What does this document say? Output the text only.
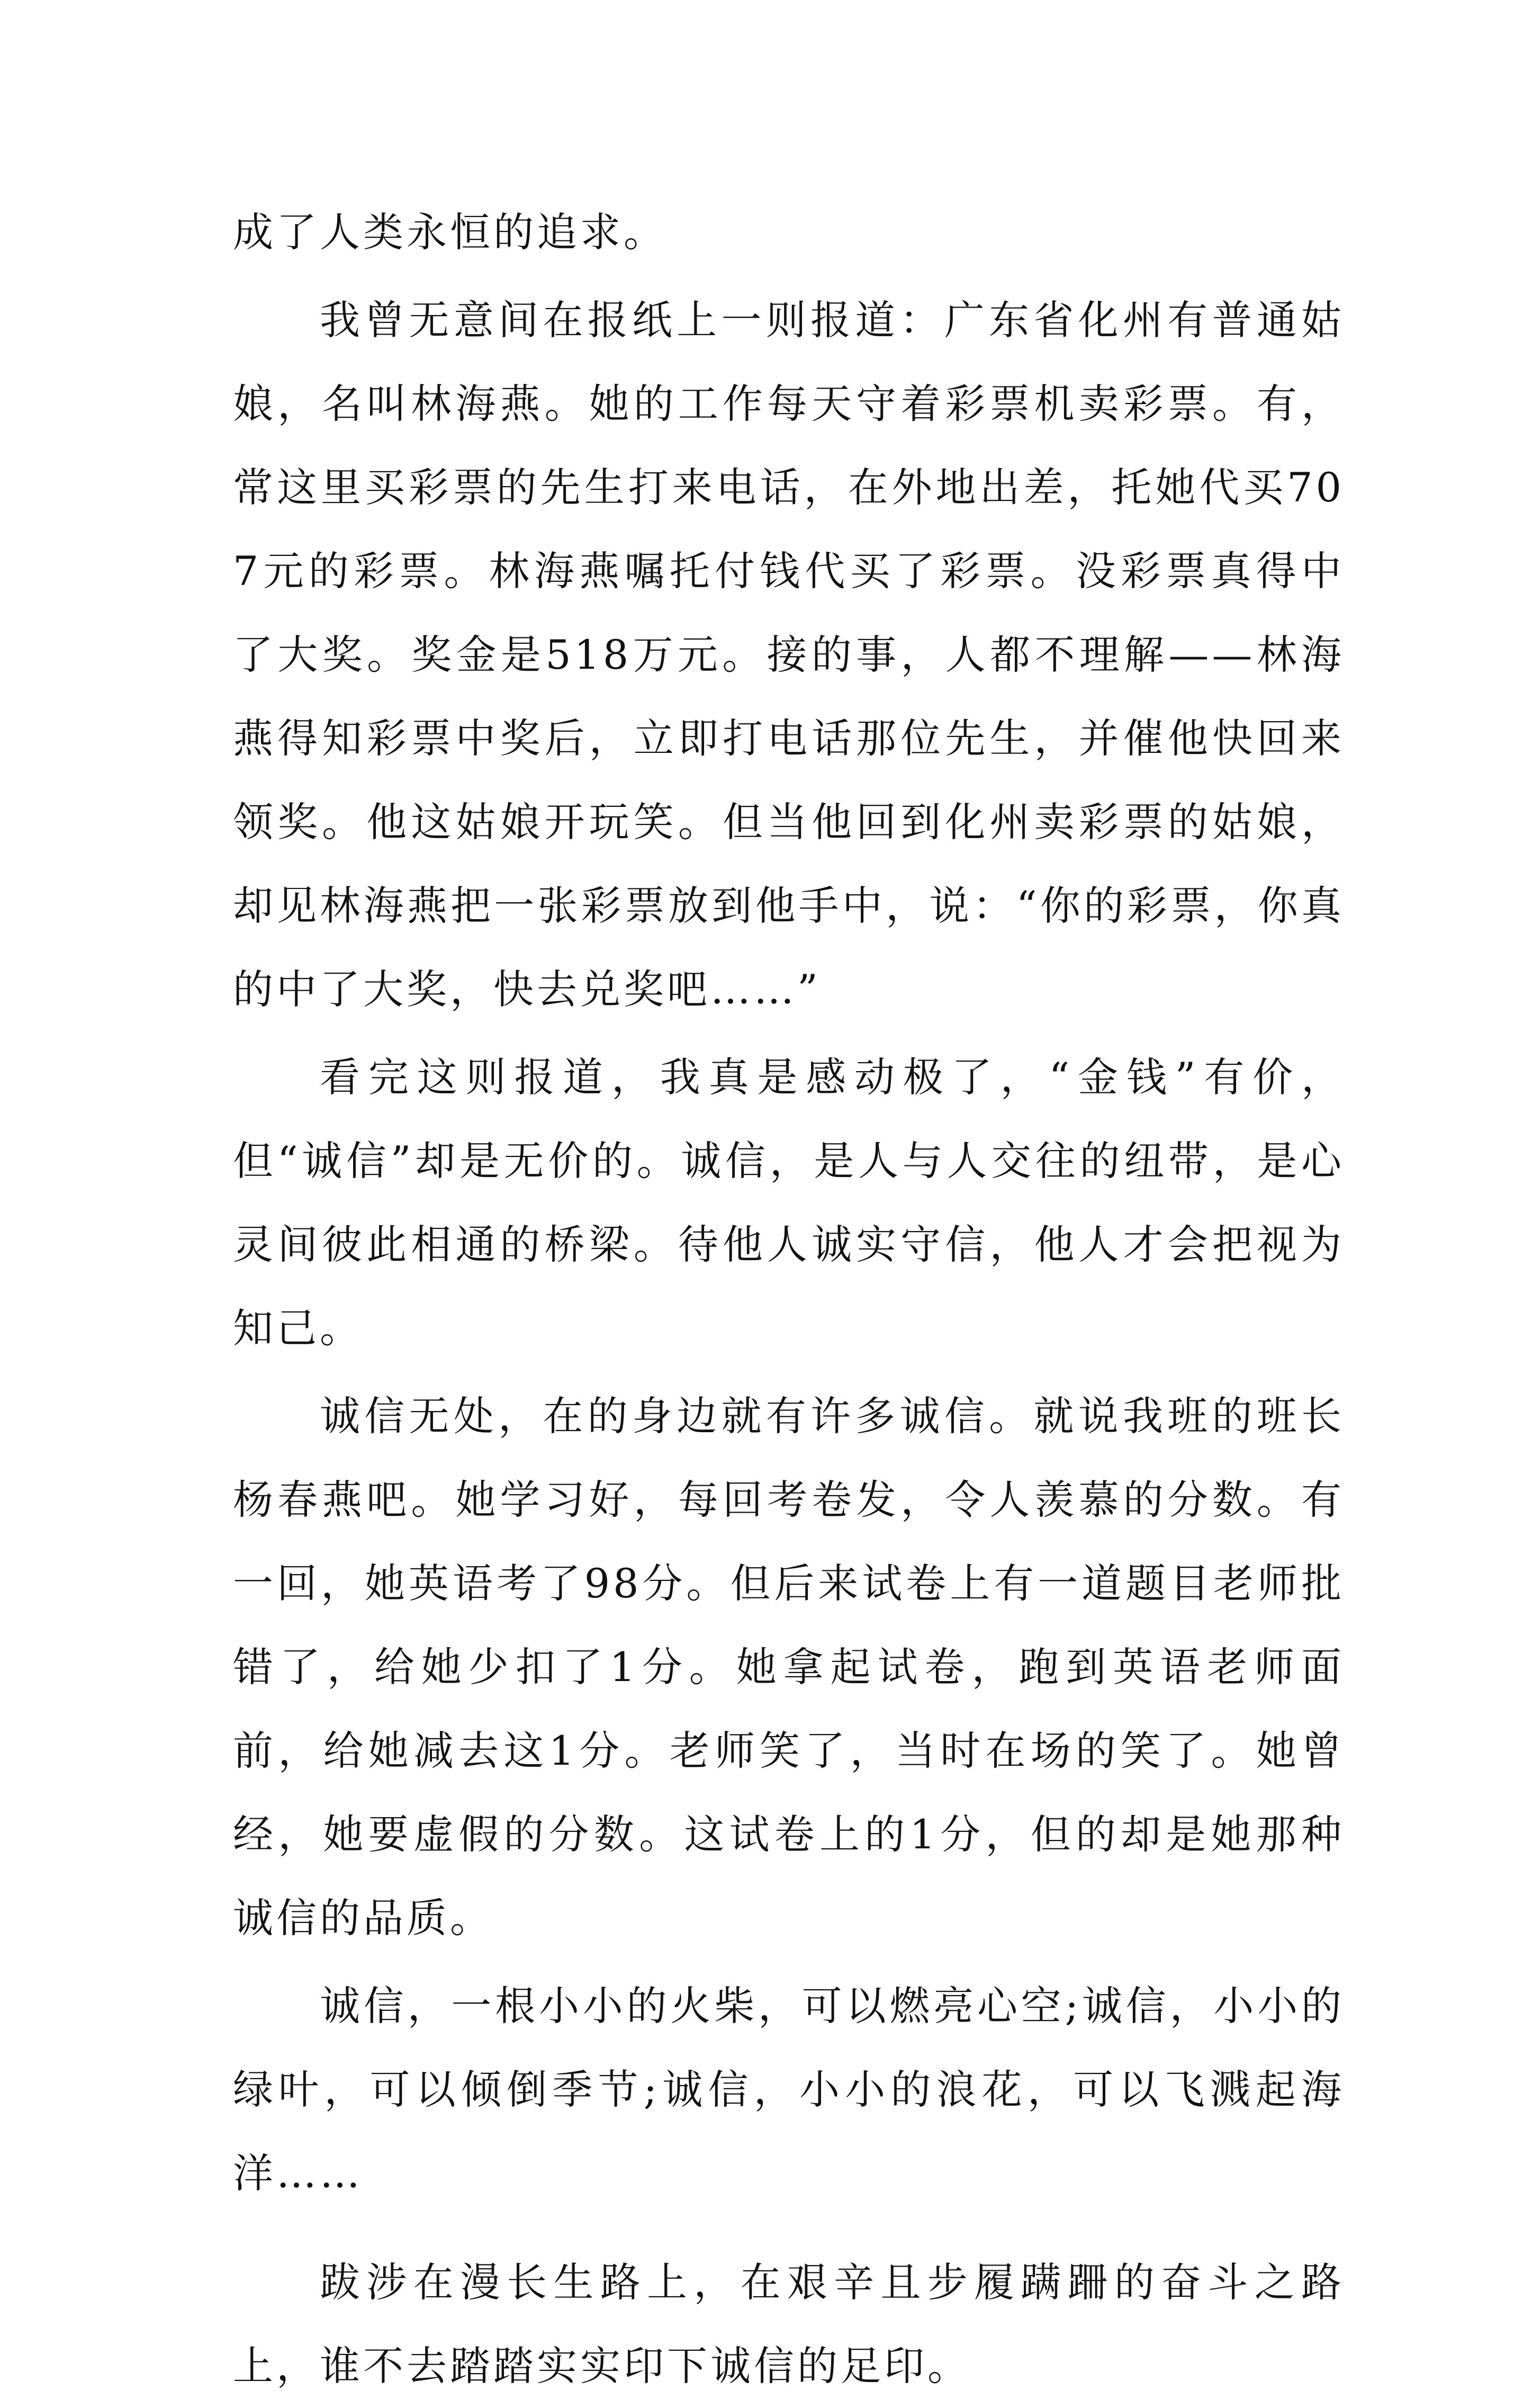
成了人类永恒的追求。

我曾无意间在报纸上一则报道：广东省化州有普通姑娘，名叫林海燕。她的工作每天守着彩票机卖彩票。有，常这里买彩票的先生打来电话，在外地出差，托她代买707元的彩票。林海燕嘱托付钱代买了彩票。没彩票真得中了大奖。奖金是518万元。接的事，人都不理解——林海燕得知彩票中奖后，立即打电话那位先生，并催他快回来领奖。他这姑娘开玩笑。但当他回到化州卖彩票的姑娘，却见林海燕把一张彩票放到他手中，说：“你的彩票，你真的中了大奖，快去兑奖吧……”

看完这则报道，我真是感动极了，“金钱”有价，但“诚信”却是无价的。诚信，是人与人交往的纽带，是心灵间彼此相通的桥梁。待他人诚实守信，他人才会把视为知己。

诚信无处，在的身边就有许多诚信。就说我班的班长杨春燕吧。她学习好，每回考卷发，令人羡慕的分数。有一回，她英语考了98分。但后来试卷上有一道题目老师批错了，给她少扣了1分。她拿起试卷，跑到英语老师面前，给她减去这1分。老师笑了，当时在场的笑了。她曾经，她要虚假的分数。这试卷上的1分，但的却是她那种诚信的品质。

诚信，一根小小的火柴，可以燃亮心空;诚信，小小的绿叶，可以倾倒季节;诚信，小小的浪花，可以飞溅起海洋……

跋涉在漫长生路上，在艰辛且步履蹒跚的奋斗之路上，谁不去踏踏实实印下诚信的足印。
